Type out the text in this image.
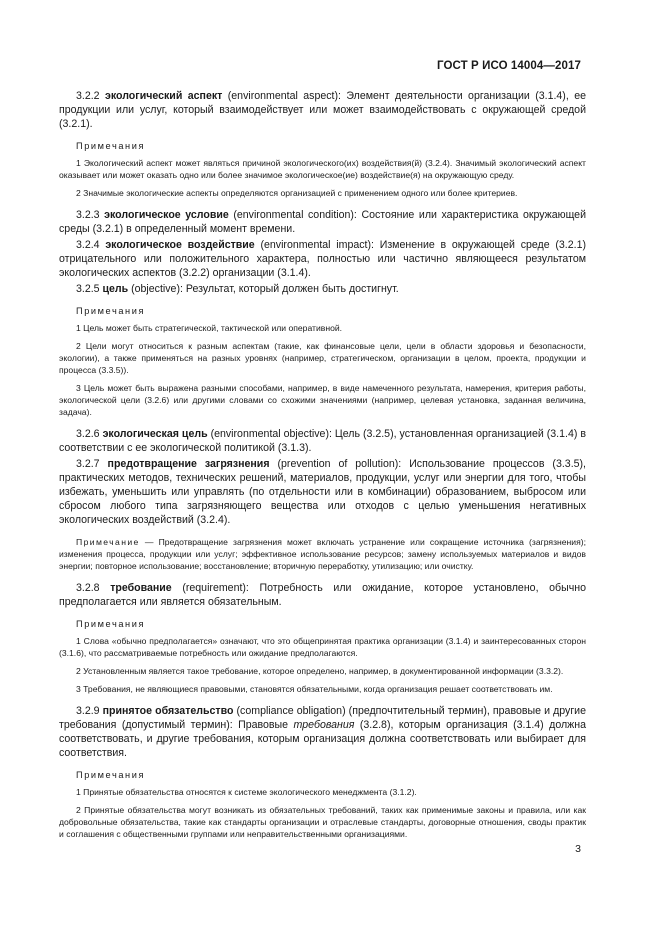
ГОСТ Р ИСО 14004—2017

3.2.2 экологический аспект (environmental aspect): Элемент деятельности организации (3.1.4), ее продукции или услуг, который взаимодействует или может взаимодействовать с окружающей средой (3.2.1).

Примечания

1 Экологический аспект может являться причиной экологического(их) воздействия(й) (3.2.4). Значимый экологический аспект оказывает или может оказать одно или более значимое экологическое(ие) воздействие(я) на окружающую среду.

2 Значимые экологические аспекты определяются организацией с применением одного или более критериев.

3.2.3 экологическое условие (environmental condition): Состояние или характеристика окружающей среды (3.2.1) в определенный момент времени.

3.2.4 экологическое воздействие (environmental impact): Изменение в окружающей среде (3.2.1) отрицательного или положительного характера, полностью или частично являющееся результатом экологических аспектов (3.2.2) организации (3.1.4).

3.2.5 цель (objective): Результат, который должен быть достигнут.

Примечания

1 Цель может быть стратегической, тактической или оперативной.

2 Цели могут относиться к разным аспектам (такие, как финансовые цели, цели в области здоровья и безопасности, экологии), а также применяться на разных уровнях (например, стратегическом, организации в целом, проекта, продукции и процесса (3.3.5)).

3 Цель может быть выражена разными способами, например, в виде намеченного результата, намерения, критерия работы, экологической цели (3.2.6) или другими словами со схожими значениями (например, целевая установка, заданная величина, задача).

3.2.6 экологическая цель (environmental objective): Цель (3.2.5), установленная организацией (3.1.4) в соответствии с ее экологической политикой (3.1.3).

3.2.7 предотвращение загрязнения (prevention of pollution): Использование процессов (3.3.5), практических методов, технических решений, материалов, продукции, услуг или энергии для того, чтобы избежать, уменьшить или управлять (по отдельности или в комбинации) образованием, выбросом или сбросом любого типа загрязняющего вещества или отходов с целью уменьшения негативных экологических воздействий (3.2.4).

Примечание — Предотвращение загрязнения может включать устранение или сокращение источника (загрязнения); изменения процесса, продукции или услуг; эффективное использование ресурсов; замену используемых материалов и видов энергии; повторное использование; восстановление; вторичную переработку, утилизацию; или очистку.

3.2.8 требование (requirement): Потребность или ожидание, которое установлено, обычно предполагается или является обязательным.

Примечания

1 Слова «обычно предполагается» означают, что это общепринятая практика организации (3.1.4) и заинтересованных сторон (3.1.6), что рассматриваемые потребность или ожидание предполагаются.

2 Установленным является такое требование, которое определено, например, в документированной информации (3.3.2).

3 Требования, не являющиеся правовыми, становятся обязательными, когда организация решает соответствовать им.

3.2.9 принятое обязательство (compliance obligation) (предпочтительный термин), правовые и другие требования (допустимый термин): Правовые требования (3.2.8), которым организация (3.1.4) должна соответствовать, и другие требования, которым организация должна соответствовать или выбирает для соответствия.

Примечания

1 Принятые обязательства относятся к системе экологического менеджмента (3.1.2).

2 Принятые обязательства могут возникать из обязательных требований, таких как применимые законы и правила, или как добровольные обязательства, такие как стандарты организации и отраслевые стандарты, договорные отношения, своды практик и соглашения с общественными группами или неправительственными организациями.

3
